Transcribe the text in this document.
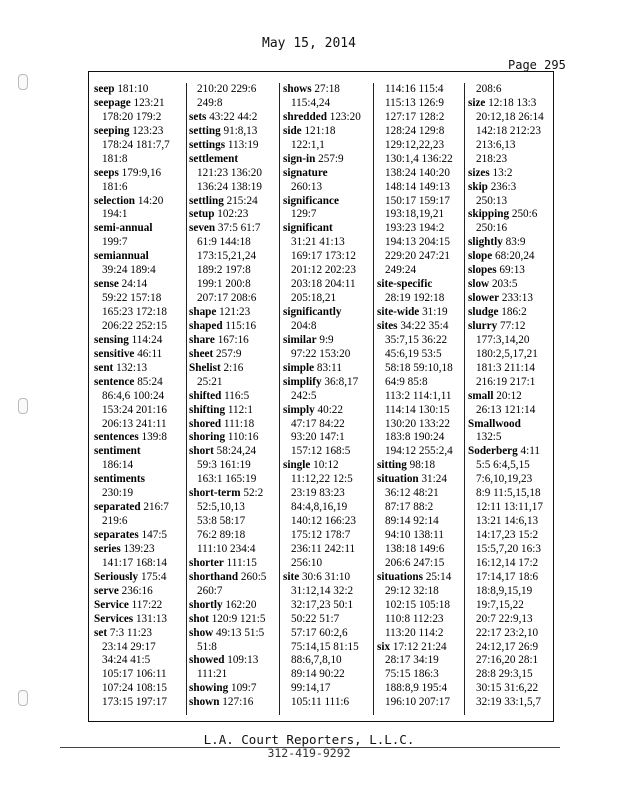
May 15, 2014
Page 295
seep 181:10
seepage 123:21
178:20 179:2
seeping 123:23
178:24 181:7,7
181:8
seeps 179:9,16
181:6
selection 14:20
194:1
semi-annual
199:7
semiannual
39:24 189:4
sense 24:14
59:22 157:18
165:23 172:18
206:22 252:15
sensing 114:24
sensitive 46:11
sent 132:13
sentence 85:24
86:4,6 100:24
153:24 201:16
206:13 241:11
sentences 139:8
sentiment
186:14
sentiments
230:19
separated 216:7
219:6
separates 147:5
series 139:23
141:17 168:14
Seriously 175:4
serve 236:16
Service 117:22
Services 131:13
set 7:3 11:23
23:14 29:17
34:24 41:5
105:17 106:11
107:24 108:15
173:15 197:17
210:20 229:6
249:8
sets 43:22 44:2
setting 91:8,13
settings 113:19
settlement
121:23 136:20
136:24 138:19
settling 215:24
setup 102:23
seven 37:5 61:7
61:9 144:18
173:15,21,24
189:2 197:8
199:1 200:8
207:17 208:6
shape 121:23
shaped 115:16
share 167:16
sheet 257:9
Shelist 2:16
25:21
shifted 116:5
shifting 112:1
shored 111:18
shoring 110:16
short 58:24,24
59:3 161:19
163:1 165:19
short-term 52:2
52:5,10,13
53:8 58:17
76:2 89:18
111:10 234:4
shorter 111:15
shorthand 260:5
260:7
shortly 162:20
shot 120:9 121:5
show 49:13 51:5
51:8
showed 109:13
111:21
showing 109:7
shown 127:16
shows 27:18
115:4,24
shredded 123:20
side 121:18
122:1,1
sign-in 257:9
signature
260:13
significance
129:7
significant
31:21 41:13
169:17 173:12
201:12 202:23
203:18 204:11
205:18,21
significantly
204:8
similar 9:9
97:22 153:20
simple 83:11
simplify 36:8,17
242:5
simply 40:22
47:17 84:22
93:20 147:1
157:12 168:5
single 10:12
11:12,22 12:5
23:19 83:23
84:4,8,16,19
140:12 166:23
175:12 178:7
236:11 242:11
256:10
site 30:6 31:10
31:12,14 32:2
32:17,23 50:1
50:22 51:7
57:17 60:2,6
75:14,15 81:15
88:6,7,8,10
89:14 90:22
99:14,17
105:11 111:6
114:16 115:4
115:13 126:9
127:17 128:2
128:24 129:8
129:12,22,23
130:1,4 136:22
138:24 140:20
148:14 149:13
150:17 159:17
193:18,19,21
193:23 194:2
194:13 204:15
229:20 247:21
249:24
site-specific
28:19 192:18
site-wide 31:19
sites 34:22 35:4
35:7,15 36:22
45:6,19 53:5
58:18 59:10,18
64:9 85:8
113:2 114:1,11
114:14 130:15
130:20 133:22
183:8 190:24
194:12 255:2,4
sitting 98:18
situation 31:24
36:12 48:21
87:17 88:2
89:14 92:14
94:10 138:11
138:18 149:6
206:6 247:15
situations 25:14
29:12 32:18
102:15 105:18
110:8 112:23
113:20 114:2
six 17:12 21:24
28:17 34:19
75:15 186:3
188:8,9 195:4
196:10 207:17
208:6
size 12:18 13:3
20:12,18 26:14
142:18 212:23
213:6,13
218:23
sizes 13:2
skip 236:3
250:13
skipping 250:6
250:16
slightly 83:9
slope 68:20,24
slopes 69:13
slow 203:5
slower 233:13
sludge 186:2
slurry 77:12
177:3,14,20
180:2,5,17,21
181:3 211:14
216:19 217:1
small 20:12
26:13 121:14
Smallwood
132:5
Soderberg 4:11
5:5 6:4,5,15
7:6,10,19,23
8:9 11:5,15,18
12:11 13:11,17
13:21 14:6,13
14:17,23 15:2
15:5,7,20 16:3
16:12,14 17:2
17:14,17 18:6
18:8,9,15,19
19:7,15,22
20:7 22:9,13
22:17 23:2,10
24:12,17 26:9
27:16,20 28:1
28:8 29:3,15
30:15 31:6,22
32:19 33:1,5,7
L.A. Court Reporters, L.L.C.
312-419-9292
